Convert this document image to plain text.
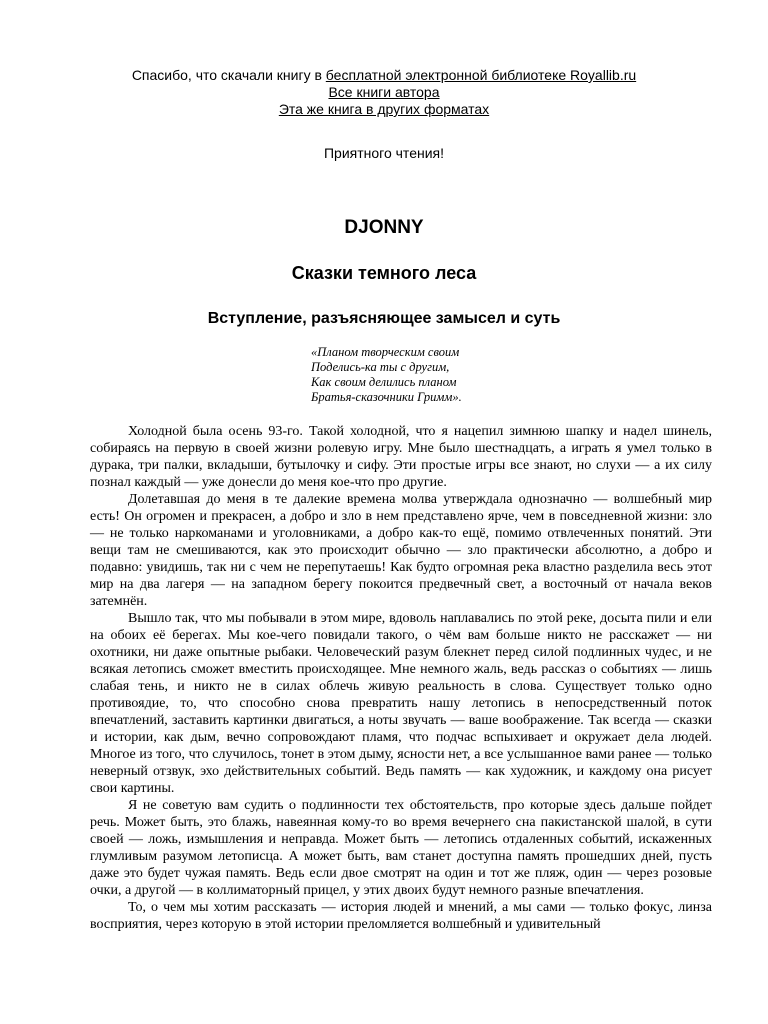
Спасибо, что скачали книгу в бесплатной электронной библиотеке Royallib.ru
Все книги автора
Эта же книга в других форматах
Приятного чтения!
DJONNY
Сказки темного леса
Вступление, разъясняющее замысел и суть
«Планом творческим своим
Поделись-ка ты с другим,
Как своим делились планом
Братья-сказочники Гримм».

Холодной была осень 93-го. Такой холодной, что я нацепил зимнюю шапку и надел шинель, собираясь на первую в своей жизни ролевую игру. Мне было шестнадцать, а играть я умел только в дурака, три палки, вкладыши, бутылочку и сифу. Эти простые игры все знают, но слухи — а их силу познал каждый — уже донесли до меня кое-что про другие.

Долетавшая до меня в те далекие времена молва утверждала однозначно — волшебный мир есть! Он огромен и прекрасен, а добро и зло в нем представлено ярче, чем в повседневной жизни: зло — не только наркоманами и уголовниками, а добро как-то ещё, помимо отвлеченных понятий. Эти вещи там не смешиваются, как это происходит обычно — зло практически абсолютно, а добро и подавно: увидишь, так ни с чем не перепутаешь! Как будто огромная река властно разделила весь этот мир на два лагеря — на западном берегу покоится предвечный свет, а восточный от начала веков затемнён.

Вышло так, что мы побывали в этом мире, вдоволь наплавались по этой реке, досыта пили и ели на обоих её берегах. Мы кое-чего повидали такого, о чём вам больше никто не расскажет — ни охотники, ни даже опытные рыбаки. Человеческий разум блекнет перед силой подлинных чудес, и не всякая летопись сможет вместить происходящее. Мне немного жаль, ведь рассказ о событиях — лишь слабая тень, и никто не в силах облечь живую реальность в слова. Существует только одно противоядие, то, что способно снова превратить нашу летопись в непосредственный поток впечатлений, заставить картинки двигаться, а ноты звучать — ваше воображение. Так всегда — сказки и истории, как дым, вечно сопровождают пламя, что подчас вспыхивает и окружает дела людей. Многое из того, что случилось, тонет в этом дыму, ясности нет, а все услышанное вами ранее — только неверный отзвук, эхо действительных событий. Ведь память — как художник, и каждому она рисует свои картины.

Я не советую вам судить о подлинности тех обстоятельств, про которые здесь дальше пойдет речь. Может быть, это блажь, навеянная кому-то во время вечернего сна пакистанской шалой, в сути своей — ложь, измышления и неправда. Может быть — летопись отдаленных событий, искаженных глумливым разумом летописца. А может быть, вам станет доступна память прошедших дней, пусть даже это будет чужая память. Ведь если двое смотрят на один и тот же пляж, один — через розовые очки, а другой — в коллиматорный прицел, у этих двоих будут немного разные впечатления.

То, о чем мы хотим рассказать — история людей и мнений, а мы сами — только фокус, линза восприятия, через которую в этой истории преломляется волшебный и удивительный
